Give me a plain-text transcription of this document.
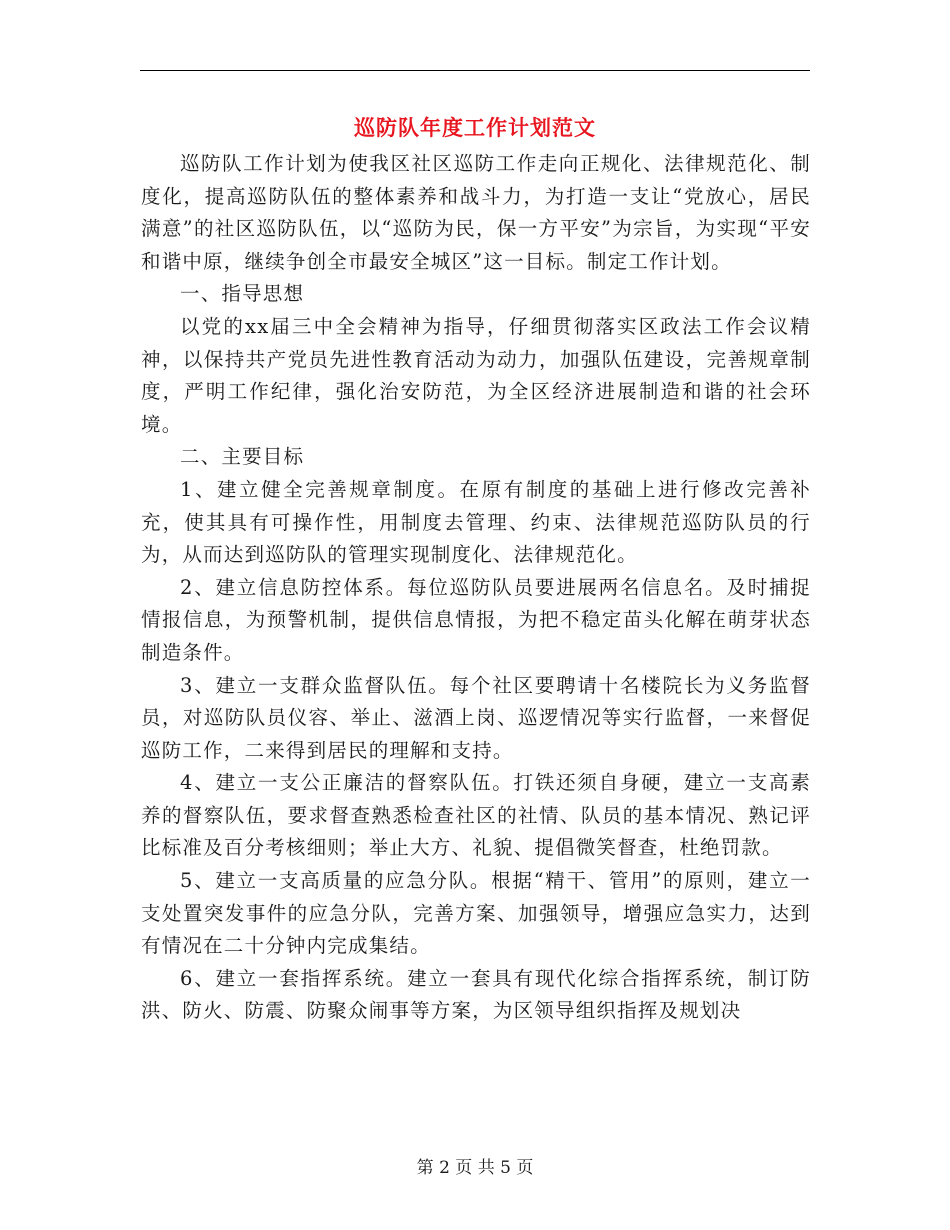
巡防队年度工作计划范文

巡防队工作计划为使我区社区巡防工作走向正规化、法律规范化、制度化，提高巡防队伍的整体素养和战斗力，为打造一支让“党放心，居民满意”的社区巡防队伍，以“巡防为民，保一方平安”为宗旨，为实现“平安和谐中原，继续争创全市最安全城区”这一目标。制定工作计划。

一、指导思想

以党的xx届三中全会精神为指导，仔细贯彻落实区政法工作会议精神，以保持共产党员先进性教育活动为动力，加强队伍建设，完善规章制度，严明工作纪律，强化治安防范，为全区经济进展制造和谐的社会环境。

二、主要目标

1、建立健全完善规章制度。在原有制度的基础上进行修改完善补充，使其具有可操作性，用制度去管理、约束、法律规范巡防队员的行为，从而达到巡防队的管理实现制度化、法律规范化。

2、建立信息防控体系。每位巡防队员要进展两名信息名。及时捕捉情报信息，为预警机制，提供信息情报，为把不稳定苗头化解在萌芽状态制造条件。

3、建立一支群众监督队伍。每个社区要聘请十名楼院长为义务监督员，对巡防队员仪容、举止、滋酒上岗、巡逻情况等实行监督，一来督促巡防工作，二来得到居民的理解和支持。

4、建立一支公正廉洁的督察队伍。打铁还须自身硬，建立一支高素养的督察队伍，要求督查熟悉检查社区的社情、队员的基本情况、熟记评比标准及百分考核细则；举止大方、礼貌、提倡微笑督查，杜绝罚款。

5、建立一支高质量的应急分队。根据“精干、管用”的原则，建立一支处置突发事件的应急分队，完善方案、加强领导，增强应急实力，达到有情况在二十分钟内完成集结。

6、建立一套指挥系统。建立一套具有现代化综合指挥系统，制订防洪、防火、防震、防聚众闹事等方案，为区领导组织指挥及规划决

第 2 页 共 5 页
